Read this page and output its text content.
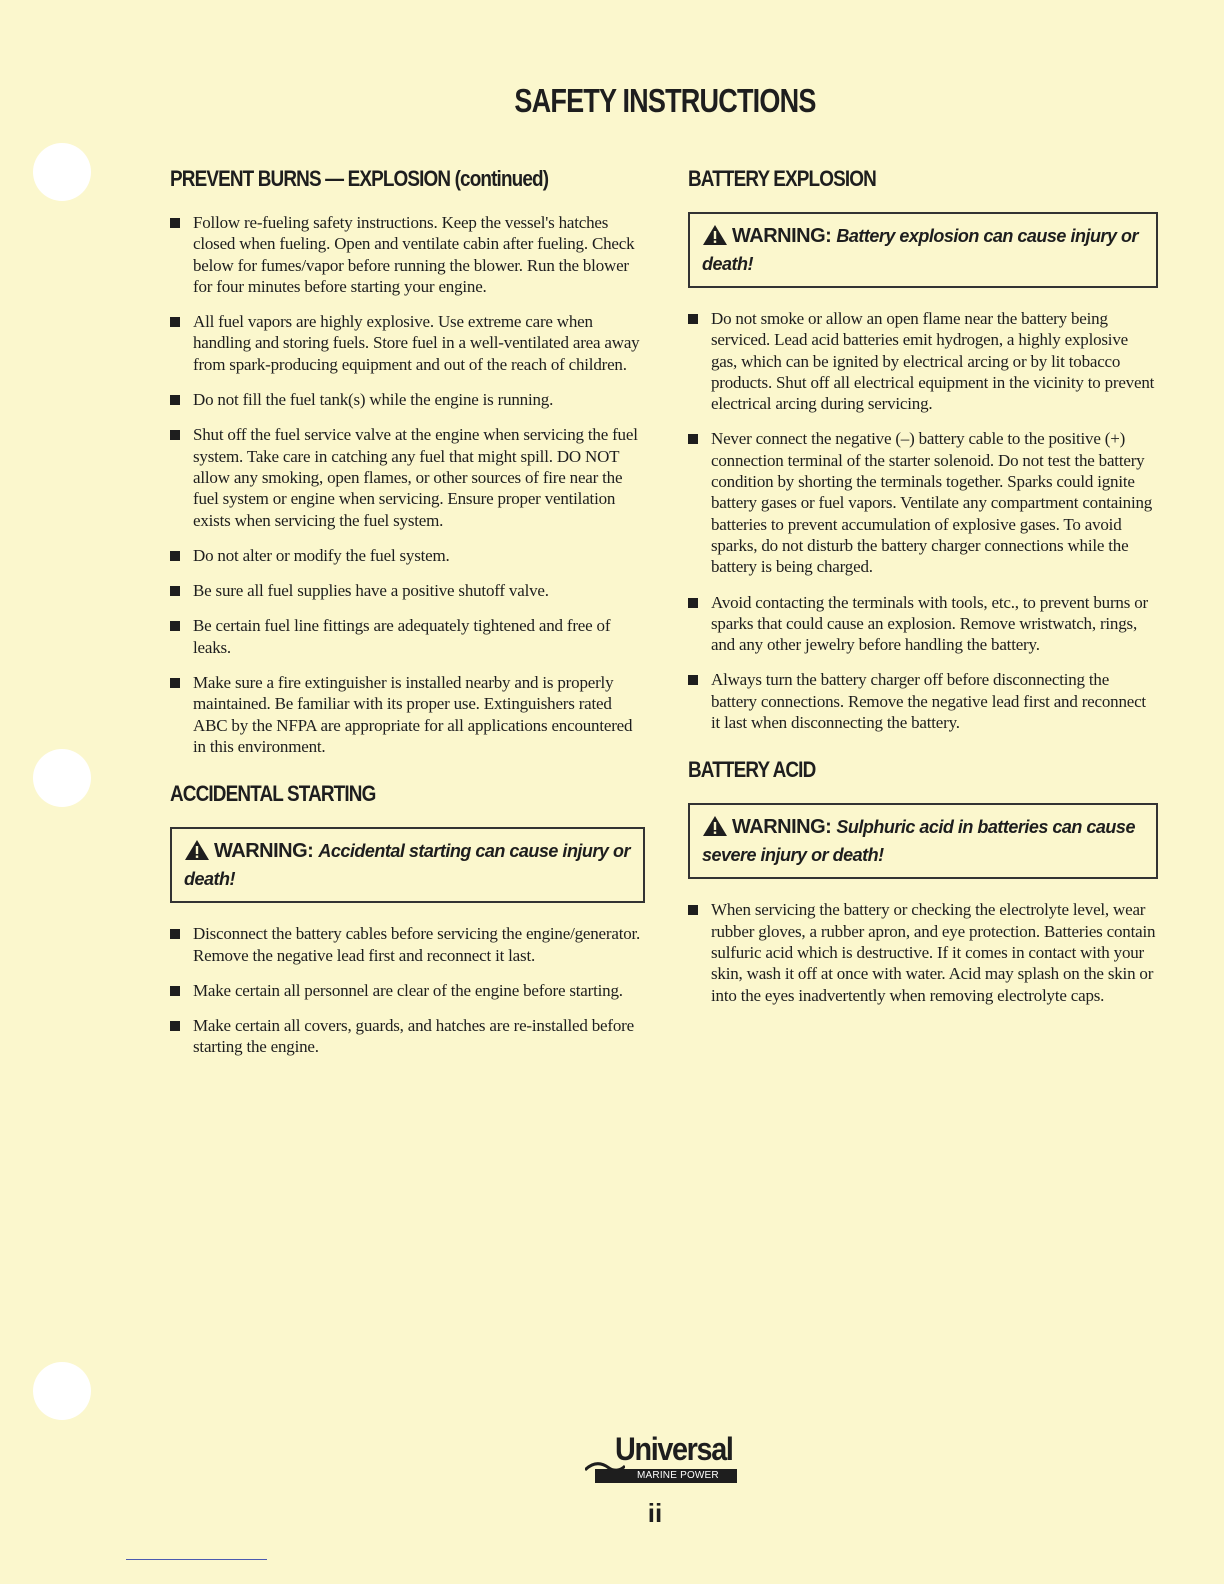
SAFETY INSTRUCTIONS
PREVENT BURNS — EXPLOSION (continued)
Follow re-fueling safety instructions. Keep the vessel's hatches closed when fueling. Open and ventilate cabin after fueling. Check below for fumes/vapor before running the blower. Run the blower for four minutes before starting your engine.
All fuel vapors are highly explosive. Use extreme care when handling and storing fuels. Store fuel in a well-ventilated area away from spark-producing equipment and out of the reach of children.
Do not fill the fuel tank(s) while the engine is running.
Shut off the fuel service valve at the engine when servicing the fuel system. Take care in catching any fuel that might spill. DO NOT allow any smoking, open flames, or other sources of fire near the fuel system or engine when servicing. Ensure proper ventilation exists when servicing the fuel system.
Do not alter or modify the fuel system.
Be sure all fuel supplies have a positive shutoff valve.
Be certain fuel line fittings are adequately tightened and free of leaks.
Make sure a fire extinguisher is installed nearby and is properly maintained. Be familiar with its proper use. Extinguishers rated ABC by the NFPA are appropriate for all applications encountered in this environment.
ACCIDENTAL STARTING
WARNING: Accidental starting can cause injury or death!
Disconnect the battery cables before servicing the engine/generator. Remove the negative lead first and reconnect it last.
Make certain all personnel are clear of the engine before starting.
Make certain all covers, guards, and hatches are re-installed before starting the engine.
BATTERY EXPLOSION
WARNING: Battery explosion can cause injury or death!
Do not smoke or allow an open flame near the battery being serviced. Lead acid batteries emit hydrogen, a highly explosive gas, which can be ignited by electrical arcing or by lit tobacco products. Shut off all electrical equipment in the vicinity to prevent electrical arcing during servicing.
Never connect the negative (–) battery cable to the positive (+) connection terminal of the starter solenoid. Do not test the battery condition by shorting the terminals together. Sparks could ignite battery gases or fuel vapors. Ventilate any compartment containing batteries to prevent accumulation of explosive gases. To avoid sparks, do not disturb the battery charger connections while the battery is being charged.
Avoid contacting the terminals with tools, etc., to prevent burns or sparks that could cause an explosion. Remove wristwatch, rings, and any other jewelry before handling the battery.
Always turn the battery charger off before disconnecting the battery connections. Remove the negative lead first and reconnect it last when disconnecting the battery.
BATTERY ACID
WARNING: Sulphuric acid in batteries can cause severe injury or death!
When servicing the battery or checking the electrolyte level, wear rubber gloves, a rubber apron, and eye protection. Batteries contain sulfuric acid which is destructive. If it comes in contact with your skin, wash it off at once with water. Acid may splash on the skin or into the eyes inadvertently when removing electrolyte caps.
Universal
MARINE POWER
ii
